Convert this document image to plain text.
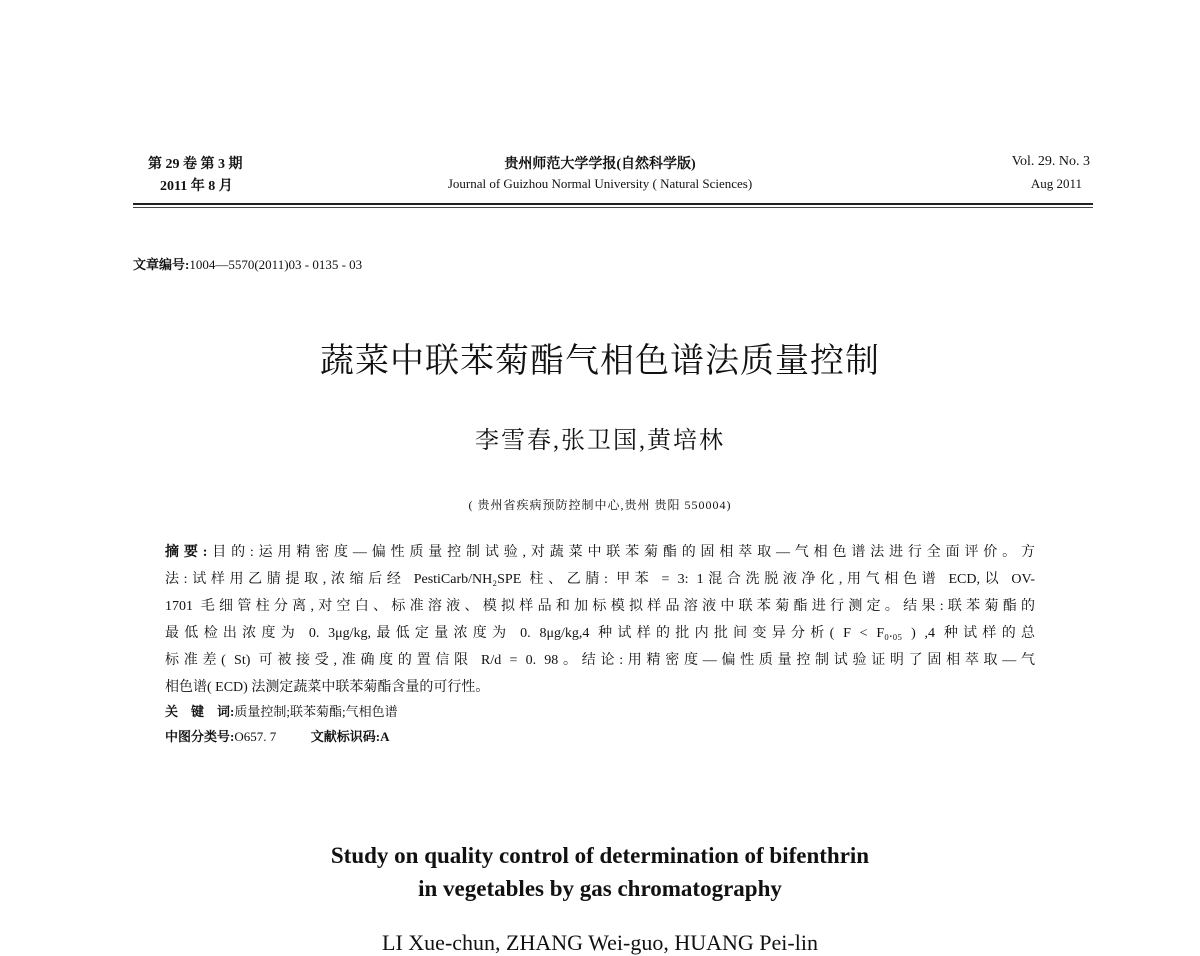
第 29 卷 第 3 期
2011 年 8 月
贵州师范大学学报(自然科学版)
Journal of Guizhou Normal University ( Natural Sciences)
Vol. 29. No. 3
Aug 2011
文章编号:1004—5570(2011)03 - 0135 - 03
蔬菜中联苯菊酯气相色谱法质量控制
李雪春,张卫国,黄培林
( 贵州省疾病预防控制中心,贵州 贵阳 550004)
摘要:目的:运用精密度—偏性质量控制试验,对蔬菜中联苯菊酯的固相萃取—气相色谱法进行全面评价。方
法:试样用乙腈提取,浓缩后经 PestiCarb/NH₂SPE 柱、乙腈: 甲苯 = 3: 1混合洗脱液净化,用气相色谱 ECD,以 OV-
1701 毛细管柱分离,对空白、标准溶液、模拟样品和加标模拟样品溶液中联苯菊酯进行测定。结果:联苯菊酯的
最低检出浓度为 0. 3μg/kg,最低定量浓度为 0. 8μg/kg,4 种试样的批内批间变异分析( F < F₀.₀₅ ) ,4 种试样的总
标准差( St) 可被接受,准确度的置信限 R/d = 0. 98。结论:用精密度—偏性质量控制试验证明了固相萃取—气
相色谱( ECD) 法测定蔬菜中联苯菊酯含量的可行性。
关    键    词:质量控制;联苯菊酯;气相色谱
中图分类号:O657. 7	文献标识码:A
Study on quality control of determination of bifenthrin
in vegetables by gas chromatography
LI Xue-chun, ZHANG Wei-guo, HUANG Pei-lin
